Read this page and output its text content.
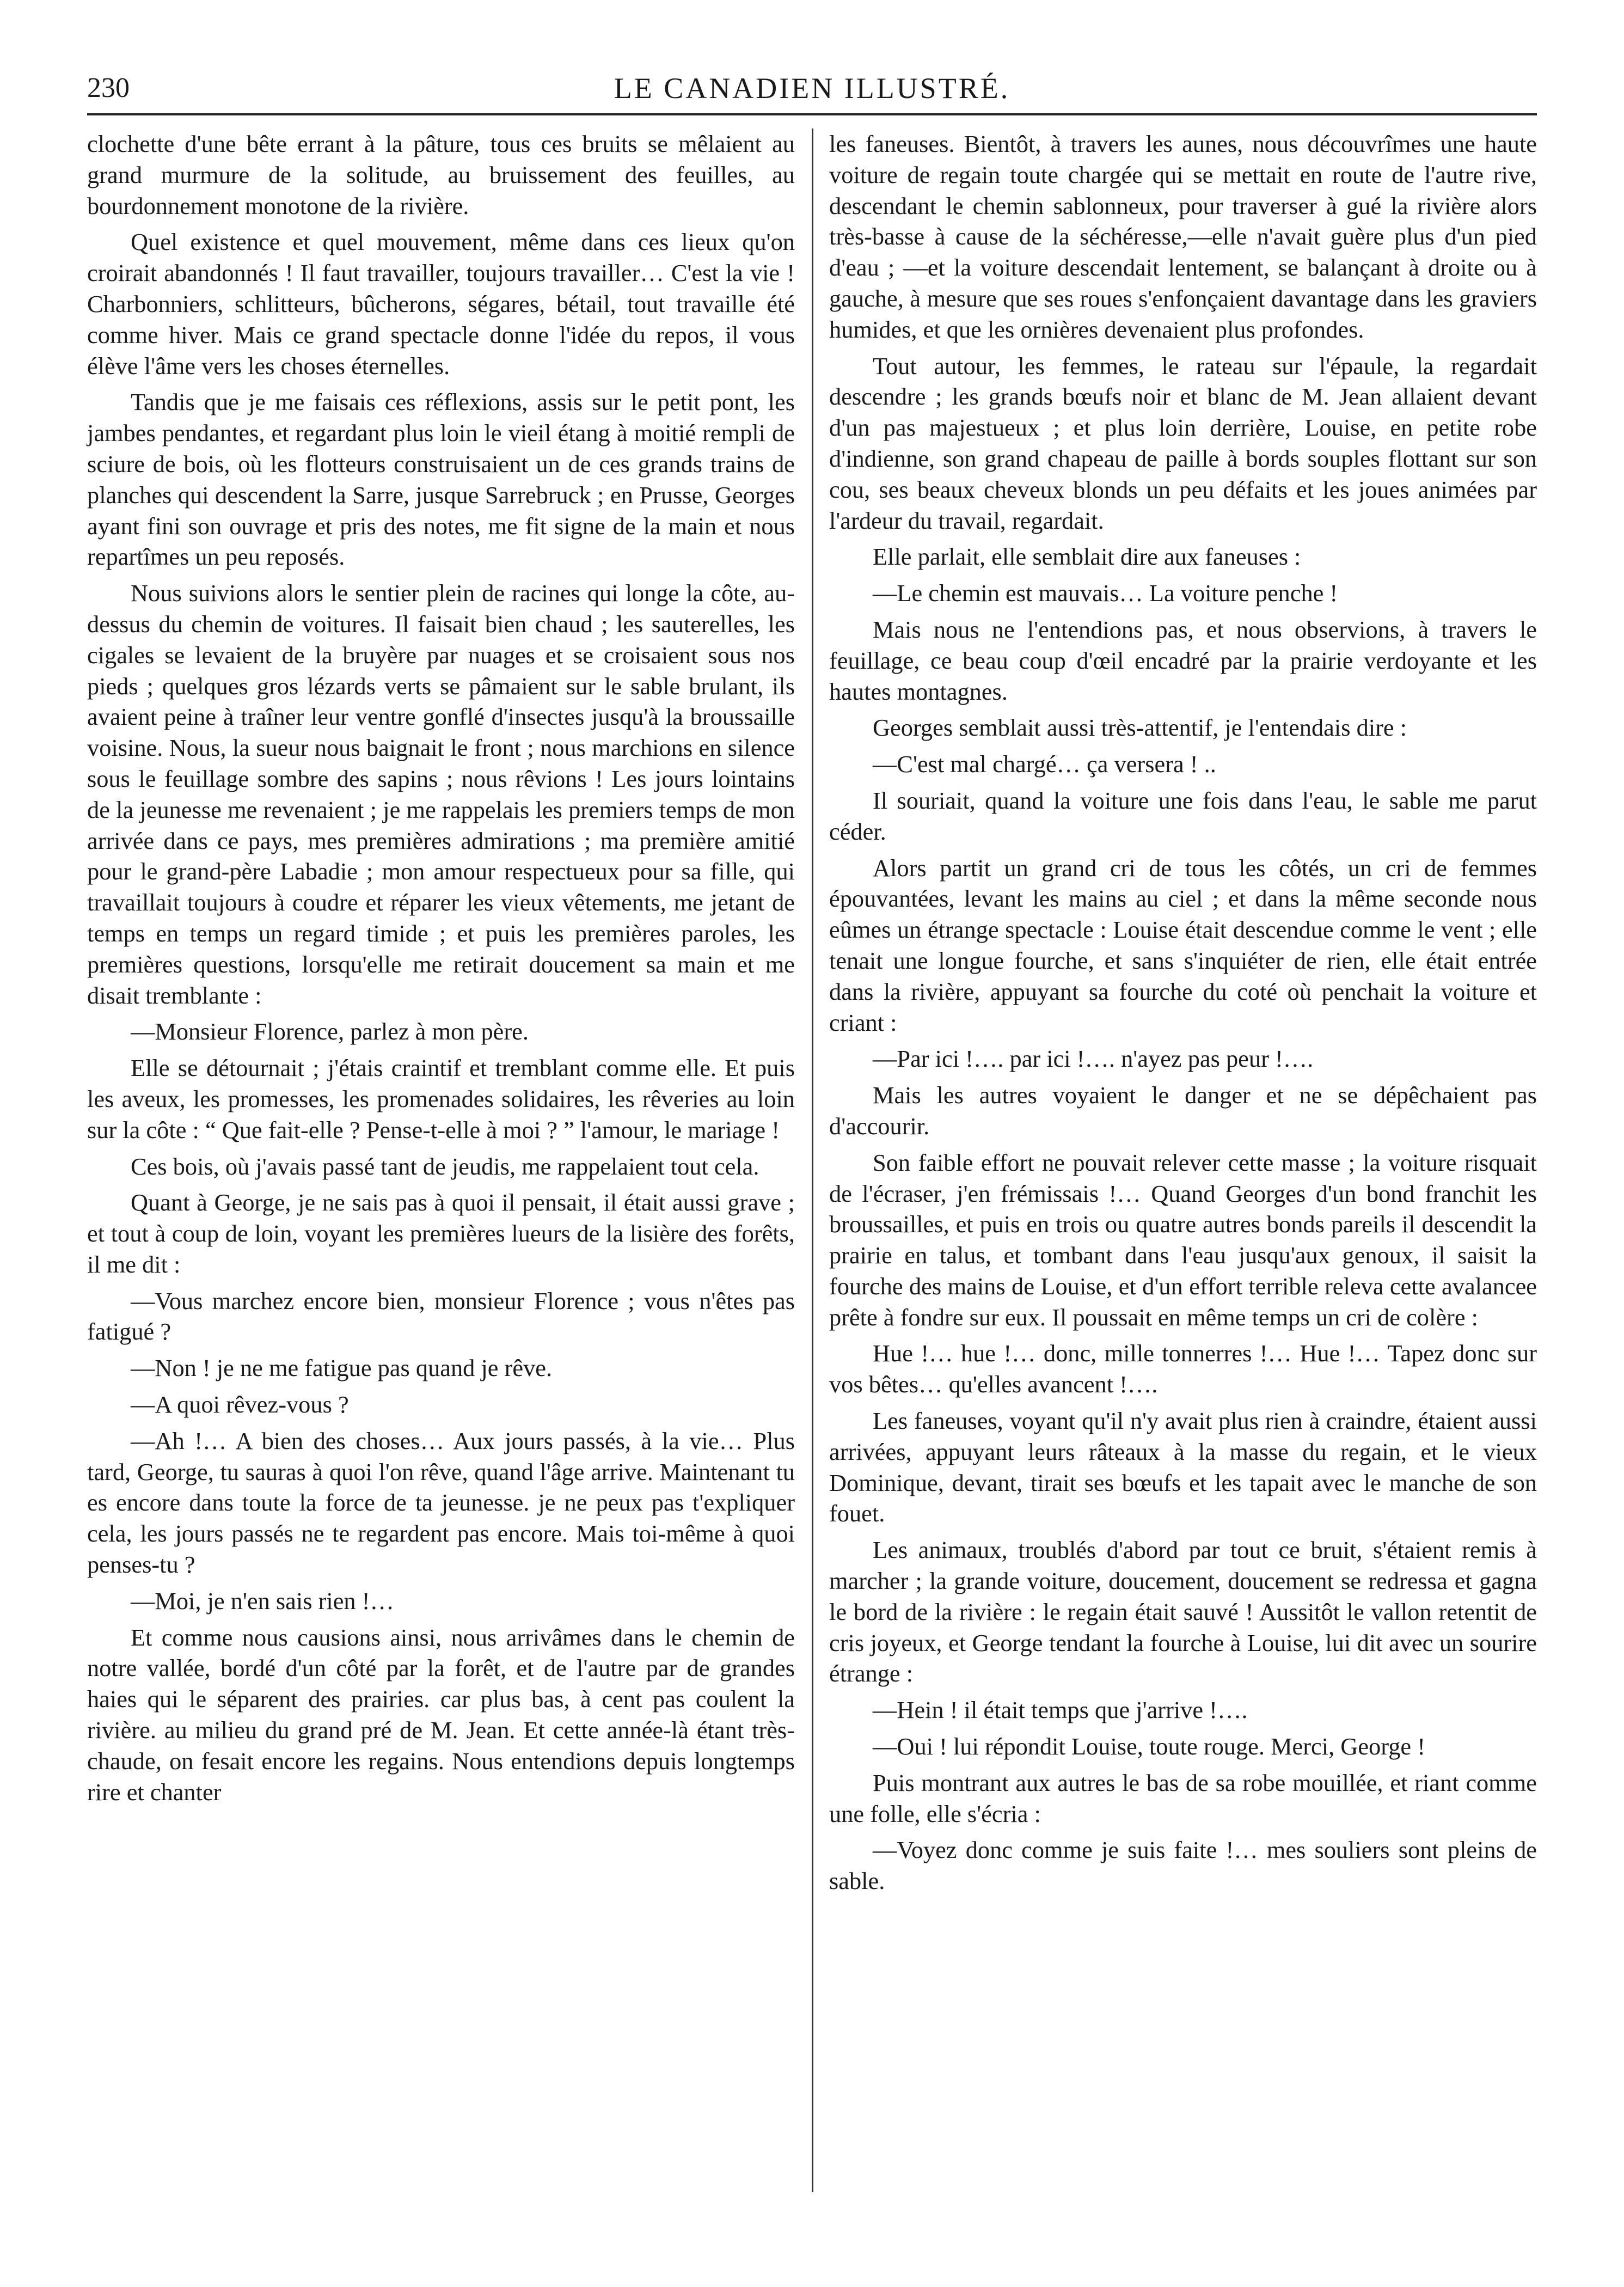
230	LE CANADIEN ILLUSTRÉ.

clochette d'une bête errant à la pâture, tous ces bruits se mêlaient au grand murmure de la solitude, au bruissement des feuilles, au bourdonnement monotone de la rivière.

Quel existence et quel mouvement, même dans ces lieux qu'on croirait abandonnés ! Il faut travailler, toujours travailler… C'est la vie ! Charbonniers, schlitteurs, bûcherons, ségares, bétail, tout travaille été comme hiver. Mais ce grand spectacle donne l'idée du repos, il vous élève l'âme vers les choses éternelles.

Tandis que je me faisais ces réflexions, assis sur le petit pont, les jambes pendantes, et regardant plus loin le vieil étang à moitié rempli de sciure de bois, où les flotteurs construisaient un de ces grands trains de planches qui descendent la Sarre, jusque Sarrebruck ; en Prusse, Georges ayant fini son ouvrage et pris des notes, me fit signe de la main et nous repartîmes un peu reposés.

Nous suivions alors le sentier plein de racines qui longe la côte, au-dessus du chemin de voitures. Il faisait bien chaud ; les sauterelles, les cigales se levaient de la bruyère par nuages et se croisaient sous nos pieds ; quelques gros lézards verts se pâmaient sur le sable brulant, ils avaient peine à traîner leur ventre gonflé d'insectes jusqu'à la broussaille voisine. Nous, la sueur nous baignait le front ; nous marchions en silence sous le feuillage sombre des sapins ; nous rêvions ! Les jours lointains de la jeunesse me revenaient ; je me rappelais les premiers temps de mon arrivée dans ce pays, mes premières admirations ; ma première amitié pour le grand-père Labadie ; mon amour respectueux pour sa fille, qui travaillait toujours à coudre et réparer les vieux vêtements, me jetant de temps en temps un regard timide ; et puis les premières paroles, les premières questions, lorsqu'elle me retirait doucement sa main et me disait tremblante :

—Monsieur Florence, parlez à mon père.

Elle se détournait ; j'étais craintif et tremblant comme elle. Et puis les aveux, les promesses, les promenades solidaires, les rêveries au loin sur la côte : “ Que fait-elle ? Pense-t-elle à moi ? ” l'amour, le mariage !

Ces bois, où j'avais passé tant de jeudis, me rappelaient tout cela.

Quant à George, je ne sais pas à quoi il pensait, il était aussi grave ; et tout à coup de loin, voyant les premières lueurs de la lisière des forêts, il me dit :

—Vous marchez encore bien, monsieur Florence ; vous n'êtes pas fatigué ?

—Non ! je ne me fatigue pas quand je rêve.

—A quoi rêvez-vous ?

—Ah !… A bien des choses… Aux jours passés, à la vie… Plus tard, George, tu sauras à quoi l'on rêve, quand l'âge arrive. Maintenant tu es encore dans toute la force de ta jeunesse. je ne peux pas t'expliquer cela, les jours passés ne te regardent pas encore. Mais toi-même à quoi penses-tu ?

—Moi, je n'en sais rien !…

Et comme nous causions ainsi, nous arrivâmes dans le chemin de notre vallée, bordé d'un côté par la forêt, et de l'autre par de grandes haies qui le séparent des prairies. car plus bas, à cent pas coulent la rivière. au milieu du grand pré de M. Jean. Et cette année-là étant très-chaude, on fesait encore les regains. Nous entendions depuis longtemps rire et chanter

les faneuses. Bientôt, à travers les aunes, nous découvrîmes une haute voiture de regain toute chargée qui se mettait en route de l'autre rive, descendant le chemin sablonneux, pour traverser à gué la rivière alors très-basse à cause de la séchéresse,—elle n'avait guère plus d'un pied d'eau ; —et la voiture descendait lentement, se balançant à droite ou à gauche, à mesure que ses roues s'enfonçaient davantage dans les graviers humides, et que les ornières devenaient plus profondes.

Tout autour, les femmes, le rateau sur l'épaule, la regardait descendre ; les grands bœufs noir et blanc de M. Jean allaient devant d'un pas majestueux ; et plus loin derrière, Louise, en petite robe d'indienne, son grand chapeau de paille à bords souples flottant sur son cou, ses beaux cheveux blonds un peu défaits et les joues animées par l'ardeur du travail, regardait.

Elle parlait, elle semblait dire aux faneuses :

—Le chemin est mauvais… La voiture penche !

Mais nous ne l'entendions pas, et nous observions, à travers le feuillage, ce beau coup d'œil encadré par la prairie verdoyante et les hautes montagnes.

Georges semblait aussi très-attentif, je l'entendais dire :

—C'est mal chargé… ça versera ! ..

Il souriait, quand la voiture une fois dans l'eau, le sable me parut céder.

Alors partit un grand cri de tous les côtés, un cri de femmes épouvantées, levant les mains au ciel ; et dans la même seconde nous eûmes un étrange spectacle : Louise était descendue comme le vent ; elle tenait une longue fourche, et sans s'inquiéter de rien, elle était entrée dans la rivière, appuyant sa fourche du coté où penchait la voiture et criant :

—Par ici !…. par ici !…. n'ayez pas peur !….

Mais les autres voyaient le danger et ne se dépêchaient pas d'accourir.

Son faible effort ne pouvait relever cette masse ; la voiture risquait de l'écraser, j'en frémissais !… Quand Georges d'un bond franchit les broussailles, et puis en trois ou quatre autres bonds pareils il descendit la prairie en talus, et tombant dans l'eau jusqu'aux genoux, il saisit la fourche des mains de Louise, et d'un effort terrible releva cette avalancee prête à fondre sur eux. Il poussait en même temps un cri de colère :

Hue !… hue !… donc, mille tonnerres !… Hue !… Tapez donc sur vos bêtes… qu'elles avancent !….

Les faneuses, voyant qu'il n'y avait plus rien à craindre, étaient aussi arrivées, appuyant leurs râteaux à la masse du regain, et le vieux Dominique, devant, tirait ses bœufs et les tapait avec le manche de son fouet.

Les animaux, troublés d'abord par tout ce bruit, s'étaient remis à marcher ; la grande voiture, doucement, doucement se redressa et gagna le bord de la rivière : le regain était sauvé ! Aussitôt le vallon retentit de cris joyeux, et George tendant la fourche à Louise, lui dit avec un sourire étrange :

—Hein ! il était temps que j'arrive !….

—Oui ! lui répondit Louise, toute rouge. Merci, George !

Puis montrant aux autres le bas de sa robe mouillée, et riant comme une folle, elle s'écria :

—Voyez donc comme je suis faite !… mes souliers sont pleins de sable.
